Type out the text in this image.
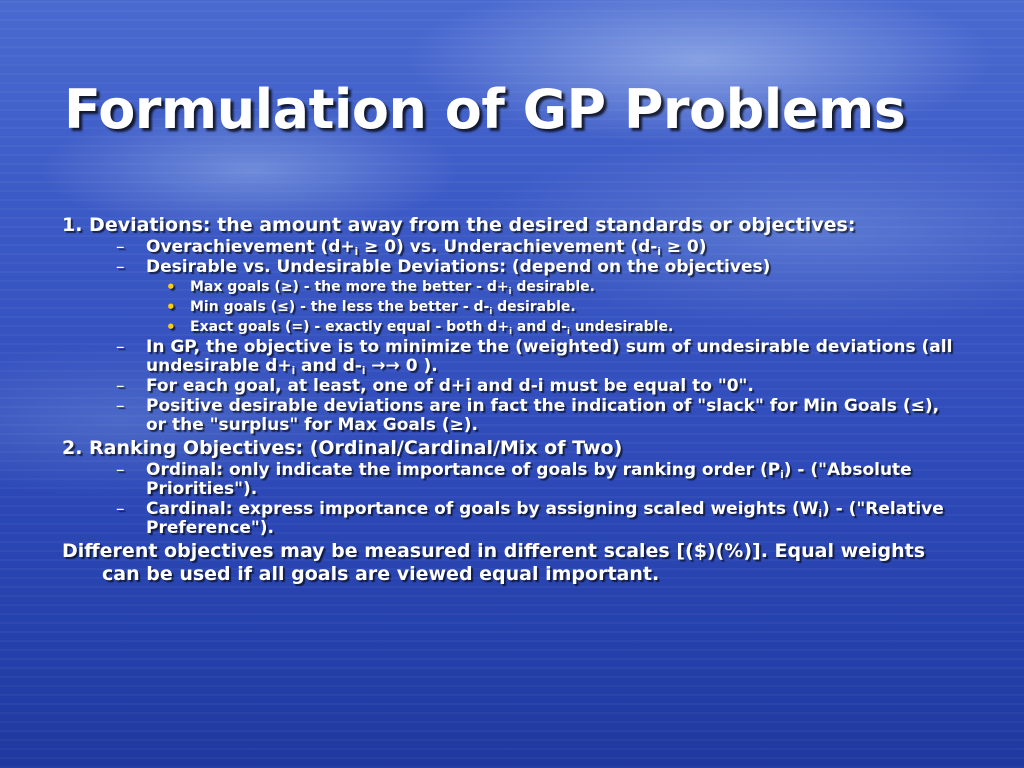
Formulation of GP Problems
1. Deviations: the amount away from the desired standards or objectives:
– Overachievement $(d+_i \ge 0)$ vs. Underachievement $(d-_i \ge 0)$
– Desirable vs. Undesirable Deviations: (depend on the objectives)
• Max goals (≥) - the more the better - $d+_i$ desirable.
• Min goals (≤) - the less the better - $d-_i$ desirable.
• Exact goals (=) - exactly equal - both $d+_i$ and $d-_i$ undesirable.
– In GP, the objective is to minimize the (weighted) sum of undesirable deviations (all undesirable $d+_i$ and $d-_i \to\to 0$ ).
– For each goal, at least, one of d+i and d-i must be equal to "0".
– Positive desirable deviations are in fact the indication of "slack" for Min Goals (≤), or the "surplus" for Max Goals (≥).
2. Ranking Objectives: (Ordinal/Cardinal/Mix of Two)
– Ordinal: only indicate the importance of goals by ranking order $(P_i)$ - ("Absolute Priorities").
– Cardinal: express importance of goals by assigning scaled weights $(W_i)$ - ("Relative Preference").
Different objectives may be measured in different scales [($)(%)]. Equal weights can be used if all goals are viewed equal important.
